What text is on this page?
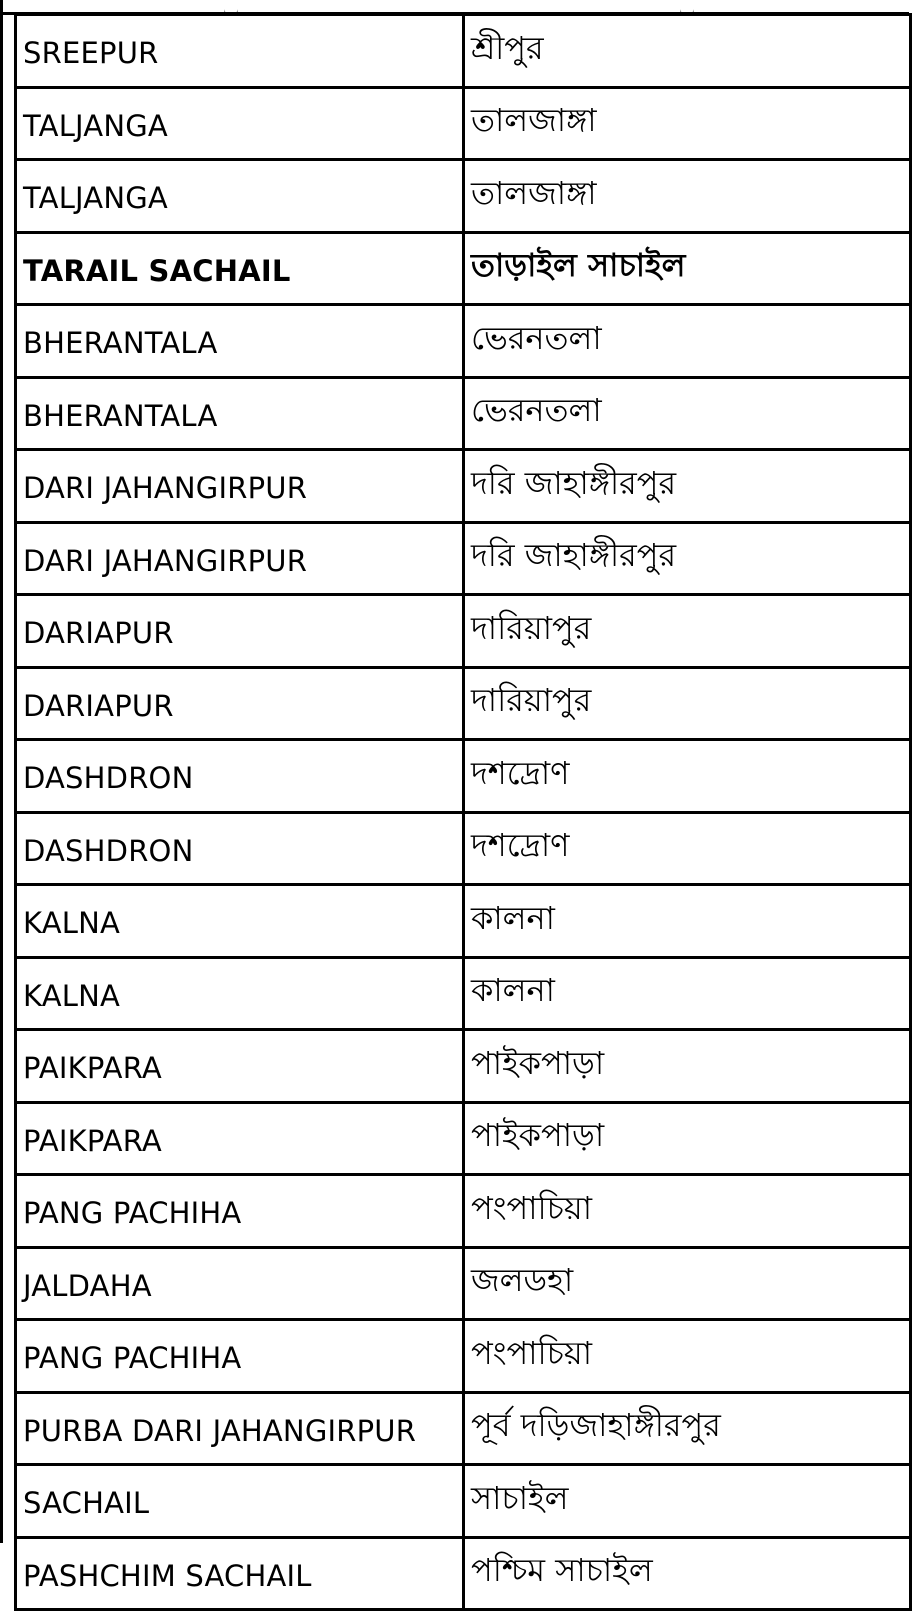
SREEPUR	শ্রীপুর
TALJANGA	তালজাঙ্গা
TALJANGA	তালজাঙ্গা
TARAIL SACHAIL	তাড়াইল সাচাইল
BHERANTALA	ভেরনতলা
BHERANTALA	ভেরনতলা
DARI JAHANGIRPUR	দরি জাহাঙ্গীরপুর
DARI JAHANGIRPUR	দরি জাহাঙ্গীরপুর
DARIAPUR	দারিয়াপুর
DARIAPUR	দারিয়াপুর
DASHDRON	দশদ্রোণ
DASHDRON	দশদ্রোণ
KALNA	কালনা
KALNA	কালনা
PAIKPARA	পাইকপাড়া
PAIKPARA	পাইকপাড়া
PANG PACHIHA	পংপাচিয়া
JALDAHA	জলডহা
PANG PACHIHA	পংপাচিয়া
PURBA DARI JAHANGIRPUR	পূর্ব দড়িজাহাঙ্গীরপুর
SACHAIL	সাচাইল
PASHCHIM SACHAIL	পশ্চিম সাচাইল
